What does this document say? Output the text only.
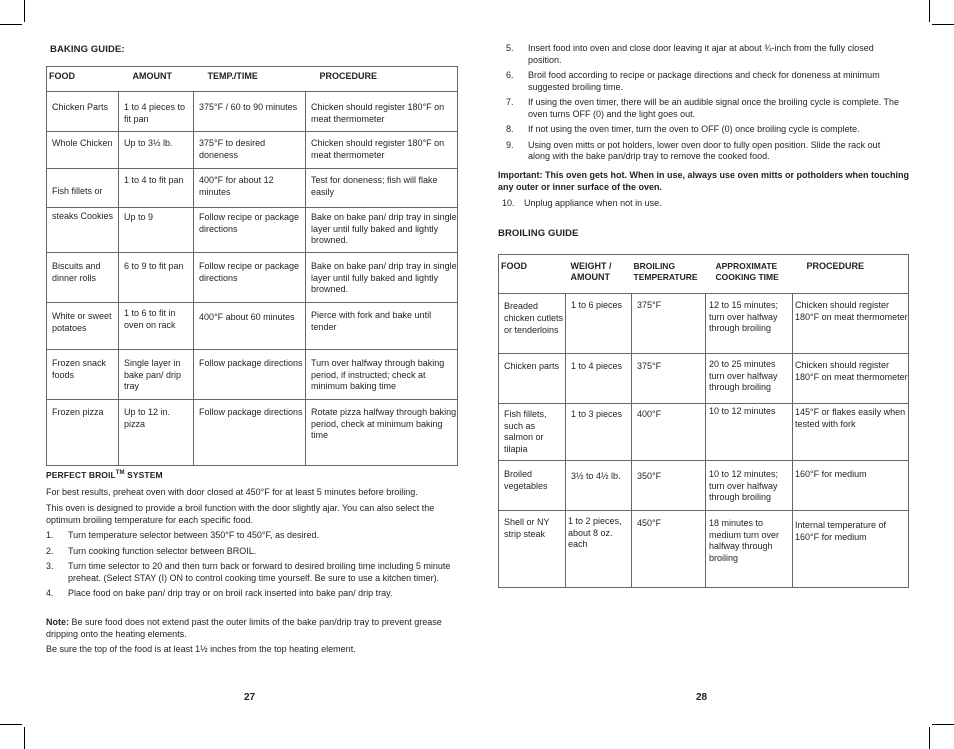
BAKING GUIDE:
FOOD	AMOUNT	TEMP./TIME	PROCEDURE
Chicken Parts	1 to 4 pieces to fit pan	375°F / 60 to 90 minutes	Chicken should register 180°F on meat thermometer
Whole Chicken	Up to 3½ lb.	375°F to desired doneness	Chicken should register 180°F on meat thermometer
Fish fillets or	1 to 4 to fit pan	400°F for about 12 minutes	Test for doneness; fish will flake easily
steaks Cookies	Up to 9	Follow recipe or package directions	Bake on bake pan/ drip tray in single layer until fully baked and lightly browned.
Biscuits and dinner rolls	6 to 9 to fit pan	Follow recipe or package directions	Bake on bake pan/ drip tray in single layer until fully baked and lightly browned.
White or sweet potatoes	1 to 6 to fit in oven on rack	400°F about 60 minutes	Pierce with fork and bake until tender
Frozen snack foods	Single layer in bake pan/ drip tray	Follow package directions	Turn over halfway through baking period, if instructed; check at minimum baking time
Frozen pizza	Up to 12 in. pizza	Follow package directions	Rotate pizza halfway through baking period, check at minimum baking time
PERFECT BROIL™ SYSTEM
For best results, preheat oven with door closed at 450°F for at least 5 minutes before broiling.
This oven is designed to provide a broil function with the door slightly ajar. You can also select the optimum broiling temperature for each specific food.
1.	Turn temperature selector between 350°F to 450°F, as desired.
2.	Turn cooking function selector between BROIL.
3.	Turn time selector to 20 and then turn back or forward to desired broiling time including 5 minute preheat. (Select STAY (I) ON to control cooking time yourself. Be sure to use a kitchen timer).
4.	Place food on bake pan/ drip tray or on broil rack inserted into bake pan/ drip tray.
Note: Be sure food does not extend past the outer limits of the bake pan/drip tray to prevent grease dripping onto the heating elements.
Be sure the top of the food is at least 1½ inches from the top heating element.
27
5.	Insert food into oven and close door leaving it ajar at about ¾-inch from the fully closed position.
6.	Broil food according to recipe or package directions and check for doneness at minimum suggested broiling time.
7.	If using the oven timer, there will be an audible signal once the broiling cycle is complete. The oven turns OFF (0) and the light goes out.
8.	If not using the oven timer, turn the oven to OFF (0) once broiling cycle is complete.
9.	Using oven mitts or pot holders, lower oven door to fully open position. Slide the rack out along with the bake pan/drip tray to remove the cooked food.
Important: This oven gets hot. When in use, always use oven mitts or potholders when touching any outer or inner surface of the oven.
10.	Unplug appliance when not in use.
BROILING GUIDE
FOOD	WEIGHT / AMOUNT	BROILING TEMPERATURE	APPROXIMATE COOKING TIME	PROCEDURE
Breaded chicken cutlets or tenderloins	1 to 6 pieces	375°F	12 to 15 minutes; turn over halfway through broiling	Chicken should register 180°F on meat thermometer
Chicken parts	1 to 4 pieces	375°F	20 to 25 minutes turn over halfway through broiling	Chicken should register 180°F on meat thermometer
Fish fillets, such as salmon or tilapia	1 to 3 pieces	400°F	10 to 12 minutes	145°F or flakes easily when tested with fork
Broiled vegetables	3½ to 4½ lb.	350°F	10 to 12 minutes; turn over halfway through broiling	160°F for medium
Shell or NY strip steak	1 to 2 pieces, about 8 oz. each	450°F	18 minutes to medium turn over halfway through broiling	Internal temperature of 160°F for medium
28
